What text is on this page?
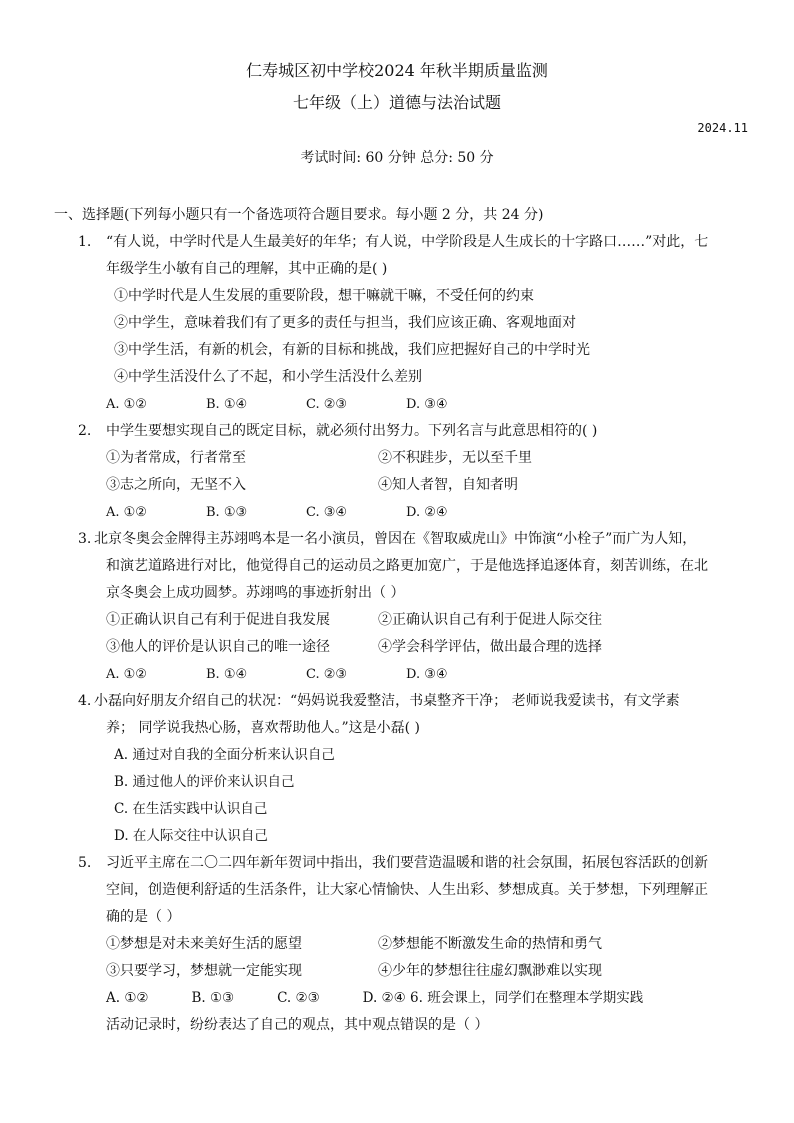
仁寿城区初中学校2024 年秋半期质量监测
七年级（上）道德与法治试题
2024.11
考试时间: 60 分钟 总分: 50 分
一、选择题(下列每小题只有一个备选项符合题目要求。每小题 2 分，共 24 分)
1. “有人说，中学时代是人生最美好的年华；有人说，中学阶段是人生成长的十字路口……”对此，七
年级学生小敏有自己的理解，其中正确的是( )
①中学时代是人生发展的重要阶段，想干嘛就干嘛，不受任何的约束
②中学生，意味着我们有了更多的责任与担当，我们应该正确、客观地面对
③中学生活，有新的机会，有新的目标和挑战，我们应把握好自己的中学时光
④中学生活没什么了不起，和小学生活没什么差别
A. ①②	B. ①④	C. ②③	D. ③④
2. 中学生要想实现自己的既定目标，就必须付出努力。下列名言与此意思相符的( )
①为者常成，行者常至	②不积跬步，无以至千里
③志之所向，无坚不入	④知人者智，自知者明
A. ①②	B. ①③	C. ③④	D. ②④
3. 北京冬奥会金牌得主苏翊鸣本是一名小演员，曾因在《智取威虎山》中饰演“小栓子”而广为人知，
和演艺道路进行对比，他觉得自己的运动员之路更加宽广，于是他选择追逐体育，刻苦训练，在北
京冬奥会上成功圆梦。苏翊鸣的事迹折射出（ ）
①正确认识自己有利于促进自我发展	②正确认识自己有利于促进人际交往
③他人的评价是认识自己的唯一途径	④学会科学评估，做出最合理的选择
A. ①②	B. ①④	C. ②③	D. ③④
4. 小磊向好朋友介绍自己的状况：“妈妈说我爱整洁，书桌整齐干净； 老师说我爱读书，有文学素
养； 同学说我热心肠，喜欢帮助他人。”这是小磊( )
A. 通过对自我的全面分析来认识自己
B. 通过他人的评价来认识自己
C. 在生活实践中认识自己
D. 在人际交往中认识自己
5. 习近平主席在二〇二四年新年贺词中指出，我们要营造温暖和谐的社会氛围，拓展包容活跃的创新
空间，创造便利舒适的生活条件，让大家心情愉快、人生出彩、梦想成真。关于梦想，下列理解正
确的是（ ）
①梦想是对未来美好生活的愿望	②梦想能不断激发生命的热情和勇气
③只要学习，梦想就一定能实现	④少年的梦想往往虚幻飘渺难以实现
A. ①②          B. ①③          C. ②③          D. ②④ 6. 班会课上，同学们在整理本学期实践
活动记录时，纷纷表达了自己的观点，其中观点错误的是（ ）
